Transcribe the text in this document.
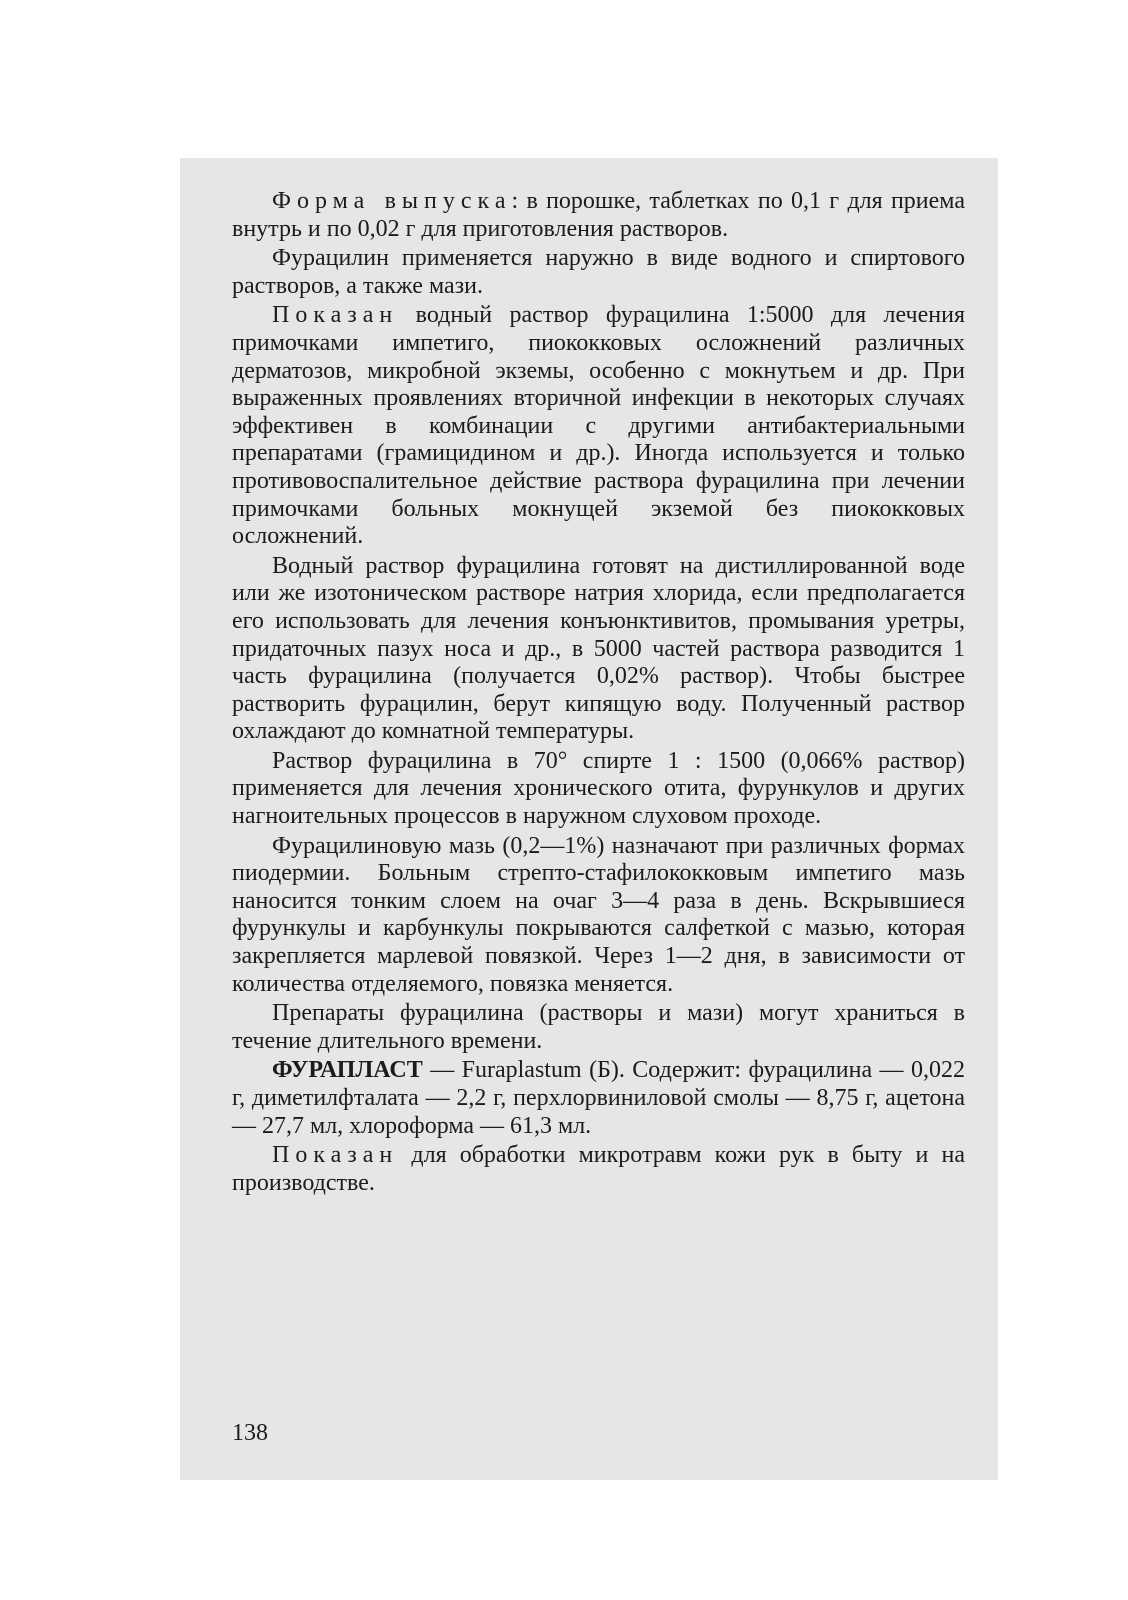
Форма выпуска: в порошке, таблетках по 0,1 г для приема внутрь и по 0,02 г для приготовления растворов.

Фурацилин применяется наружно в виде водного и спиртового растворов, а также мази.

Показан водный раствор фурацилина 1:5000 для лечения примочками импетиго, пиококковых осложнений различных дерматозов, микробной экземы, особенно с мокнутьем и др. При выраженных проявлениях вторичной инфекции в некоторых случаях эффективен в комбинации с другими антибактериальными препаратами (грамицидином и др.). Иногда используется и только противовоспалительное действие раствора фурацилина при лечении примочками больных мокнущей экземой без пиококковых осложнений.

Водный раствор фурацилина готовят на дистиллированной воде или же изотоническом растворе натрия хлорида, если предполагается его использовать для лечения конъюнктивитов, промывания уретры, придаточных пазух носа и др., в 5000 частей раствора разводится 1 часть фурацилина (получается 0,02% раствор). Чтобы быстрее растворить фурацилин, берут кипящую воду. Полученный раствор охлаждают до комнатной температуры.

Раствор фурацилина в 70° спирте 1 : 1500 (0,066% раствор) применяется для лечения хронического отита, фурункулов и других нагноительных процессов в наружном слуховом проходе.

Фурацилиновую мазь (0,2—1%) назначают при различных формах пиодермии. Больным стрепто-стафилококковым импетиго мазь наносится тонким слоем на очаг 3—4 раза в день. Вскрывшиеся фурункулы и карбункулы покрываются салфеткой с мазью, которая закрепляется марлевой повязкой. Через 1—2 дня, в зависимости от количества отделяемого, повязка меняется.

Препараты фурацилина (растворы и мази) могут храниться в течение длительного времени.

ФУРАПЛАСТ — Furaplastum (Б). Содержит: фурацилина — 0,022 г, диметилфталата — 2,2 г, перхлорвиниловой смолы — 8,75 г, ацетона — 27,7 мл, хлороформа — 61,3 мл.

Показан для обработки микротравм кожи рук в быту и на производстве.

138
